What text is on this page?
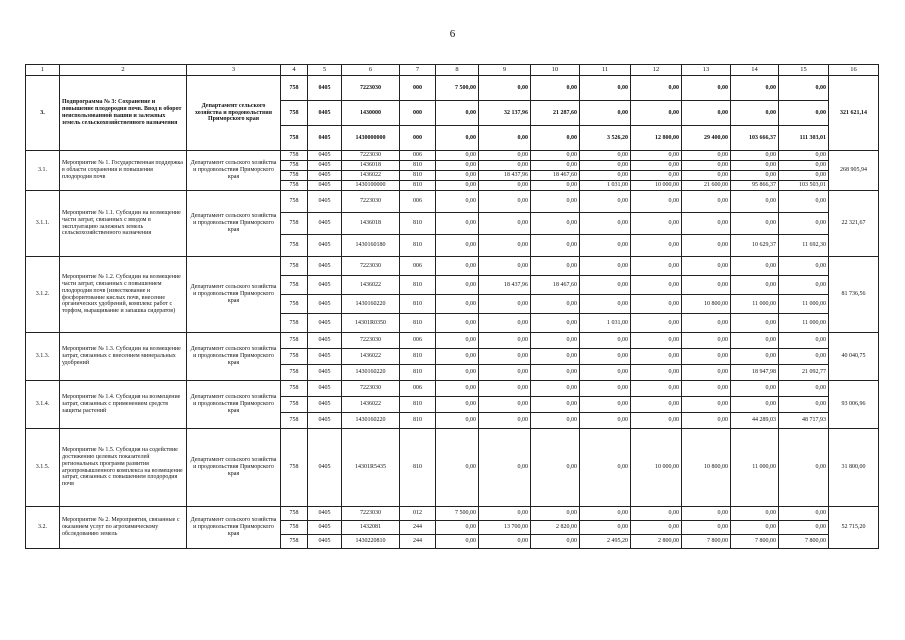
6
1	2	3	4	5	6	7	8	9	10	11	12	13	14	15	16
3.	Подпрограмма № 3: Сохранение и повышение плодородия почв. Ввод в оборот неиспользованной пашни и залежных земель сельскохозяйственного назначения	Департамент сельского хозяйства и продовольствия Приморского края	758	0405	7223030	000	7 500,00	0,00	0,00	0,00	0,00	0,00	0,00	0,00	321 621,14
			758	0405	1430000	000	0,00	32 137,96	21 287,60	0,00	0,00	0,00	0,00	0,00	
			758	0405	1430000000	000	0,00	0,00	0,00	3 526,20	12 800,00	29 400,00	103 666,37	111 303,01	
3.1.	Мероприятие № 1. Государственная поддержка в области сохранения и повышения плодородия почв	Департамент сельского хозяйства и продовольствия Приморского края	758	0405	7223030	006	0,00	0,00	0,00	0,00	0,00	0,00	0,00	0,00	268 905,94
			758	0405	1436018	810	0,00	0,00	0,00	0,00	0,00	0,00	0,00	0,00	
			758	0405	1436022	810	0,00	18 437,96	18 467,60	0,00	0,00	0,00	0,00	0,00	
			758	0405	1430100000	810	0,00	0,00	0,00	1 031,00	10 000,00	21 600,00	95 866,37	103 503,01	
3.1.1.	Мероприятие № 1.1. Субсидии на возмещение части затрат, связанных с вводом в эксплуатацию залежных земель сельскохозяйственного назначения	Департамент сельского хозяйства и продовольствия Приморского края	758	0405	7223030	006	0,00	0,00	0,00	0,00	0,00	0,00	0,00	0,00	22 321,67
			758	0405	1436018	810	0,00	0,00	0,00	0,00	0,00	0,00	0,00	0,00	
			758	0405	1430160180	810	0,00	0,00	0,00	0,00	0,00	0,00	10 629,37	11 692,30	
3.1.2.	Мероприятие № 1.2. Субсидии на возмещение части затрат, связанных с повышением плодородия почв (известкование и фосфоритование кислых почв, внесение органических удобрений, комплекс работ с торфом, выращивание и запашка сидератов)	Департамент сельского хозяйства и продовольствия Приморского края	758	0405	7223030	006	0,00	0,00	0,00	0,00	0,00	0,00	0,00	0,00	81 736,56
			758	0405	1436022	810	0,00	18 437,96	18 467,60	0,00	0,00	0,00	0,00	0,00	
			758	0405	1430160220	810	0,00	0,00	0,00	0,00	0,00	10 800,00	11 000,00	11 000,00	
			758	0405	14301R0350	810	0,00	0,00	0,00	1 031,00	0,00	0,00	0,00	11 000,00	
3.1.3.	Мероприятие № 1.3. Субсидии на возмещение затрат, связанных с внесением минеральных удобрений	Департамент сельского хозяйства и продовольствия Приморского края	758	0405	7223030	006	0,00	0,00	0,00	0,00	0,00	0,00	0,00	0,00	40 040,75
			758	0405	1436022	810	0,00	0,00	0,00	0,00	0,00	0,00	0,00	0,00	
			758	0405	1430160220	810	0,00	0,00	0,00	0,00	0,00	0,00	18 947,98	21 092,77	
3.1.4.	Мероприятие № 1.4. Субсидия на возмещение затрат, связанных с применением средств защиты растений	Департамент сельского хозяйства и продовольствия Приморского края	758	0405	7223030	006	0,00	0,00	0,00	0,00	0,00	0,00	0,00	0,00	93 006,96
			758	0405	1436022	810	0,00	0,00	0,00	0,00	0,00	0,00	0,00	0,00	
			758	0405	1430160220	810	0,00	0,00	0,00	0,00	0,00	0,00	44 289,03	48 717,93	
3.1.5.	Мероприятие № 1.5. Субсидия на содействие достижению целевых показателей региональных программ развития агропромышленного комплекса на возмещение затрат, связанных с повышением плодородия почв	Департамент сельского хозяйства и продовольствия Приморского края	758	0405	14301R5435	810	0,00	0,00	0,00	0,00	10 000,00	10 800,00	11 000,00	0,00	31 800,00
3.2.	Мероприятие № 2. Мероприятия, связанные с оказанием услуг по агрохимическому обследованию земель	Департамент сельского хозяйства и продовольствия Приморского края	758	0405	7223030	012	7 500,00	0,00	0,00	0,00	0,00	0,00	0,00	0,00	52 715,20
			758	0405	1432081	244	0,00	13 700,00	2 820,00	0,00	0,00	0,00	0,00	0,00	
			758	0405	1430220810	244	0,00	0,00	0,00	2 495,20	2 800,00	7 800,00	7 800,00	7 800,00	
